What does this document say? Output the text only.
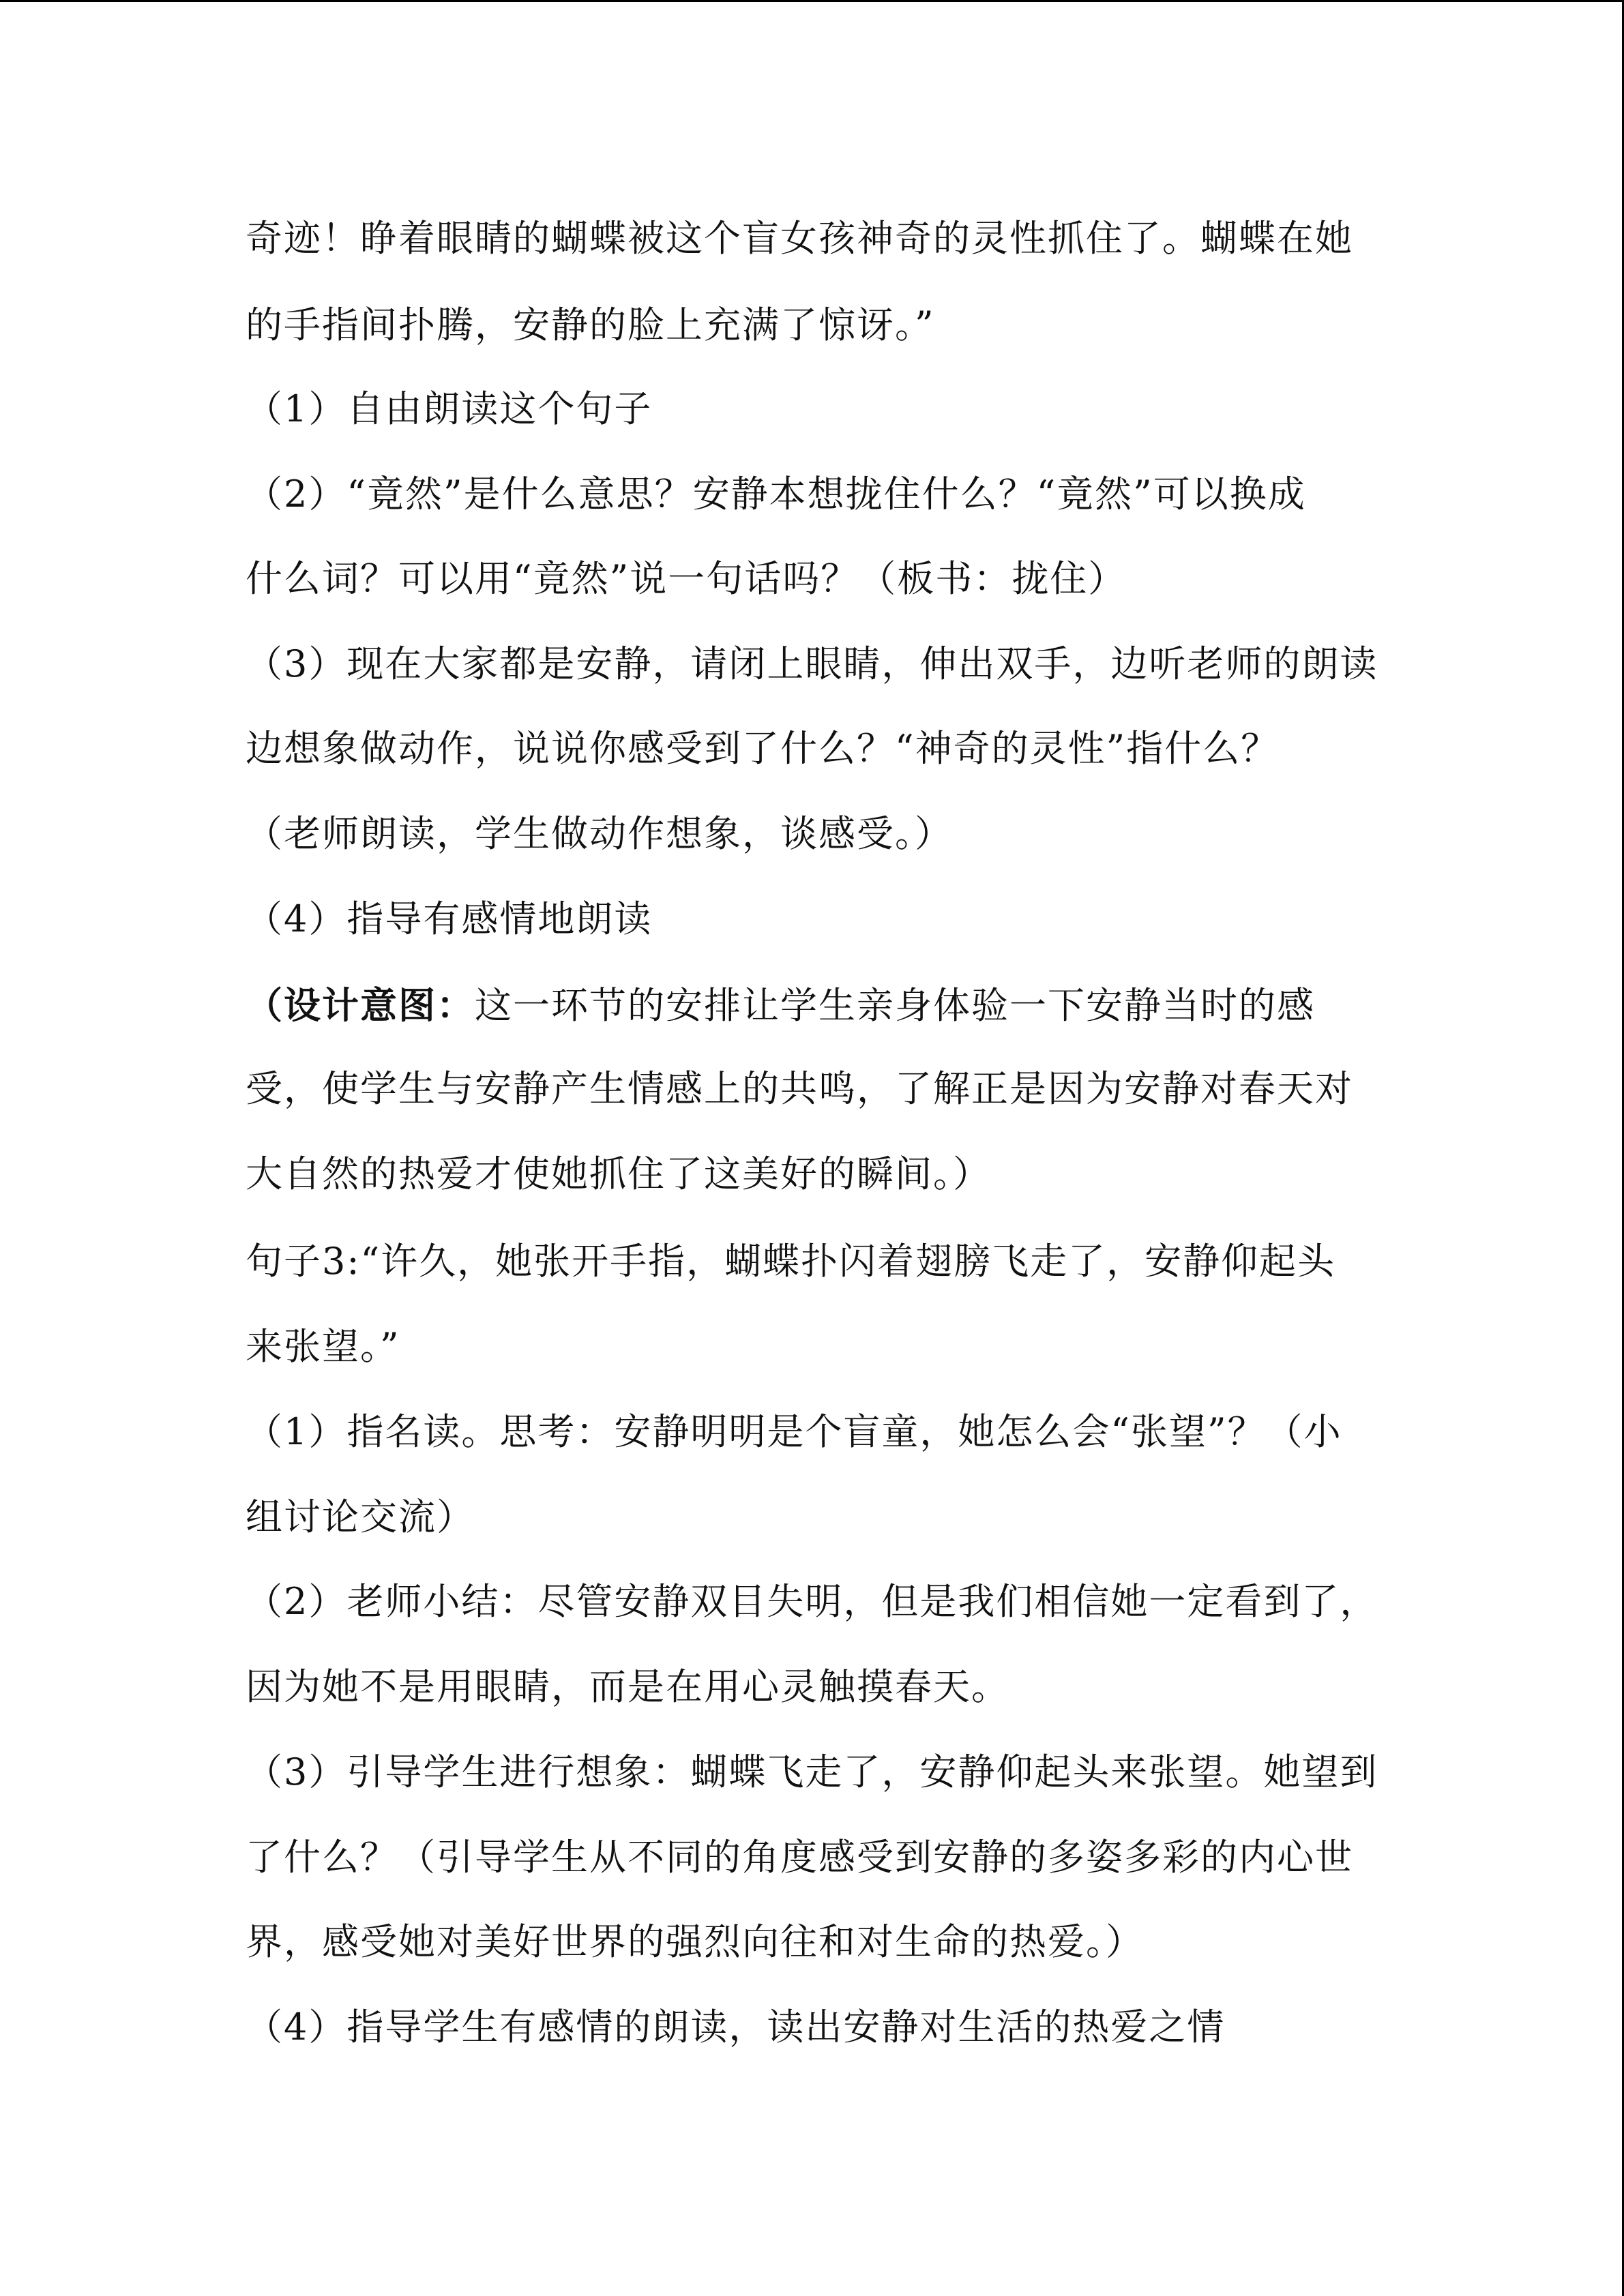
奇迹！睁着眼睛的蝴蝶被这个盲女孩神奇的灵性抓住了。蝴蝶在她
的手指间扑腾，安静的脸上充满了惊讶。”
（1）自由朗读这个句子
（2）“竟然”是什么意思？安静本想拢住什么？“竟然”可以换成
什么词？可以用“竟然”说一句话吗？（板书：拢住）
（3）现在大家都是安静，请闭上眼睛，伸出双手，边听老师的朗读
边想象做动作，说说你感受到了什么？“神奇的灵性”指什么？
（老师朗读，学生做动作想象，谈感受。）
（4）指导有感情地朗读
（设计意图：这一环节的安排让学生亲身体验一下安静当时的感
受，使学生与安静产生情感上的共鸣，了解正是因为安静对春天对
大自然的热爱才使她抓住了这美好的瞬间。）
句子3:“许久，她张开手指，蝴蝶扑闪着翅膀飞走了，安静仰起头
来张望。”
（1）指名读。思考：安静明明是个盲童，她怎么会“张望”？（小
组讨论交流）
（2）老师小结：尽管安静双目失明，但是我们相信她一定看到了，
因为她不是用眼睛，而是在用心灵触摸春天。
（3）引导学生进行想象：蝴蝶飞走了，安静仰起头来张望。她望到
了什么？（引导学生从不同的角度感受到安静的多姿多彩的内心世
界，感受她对美好世界的强烈向往和对生命的热爱。）
（4）指导学生有感情的朗读，读出安静对生活的热爱之情
